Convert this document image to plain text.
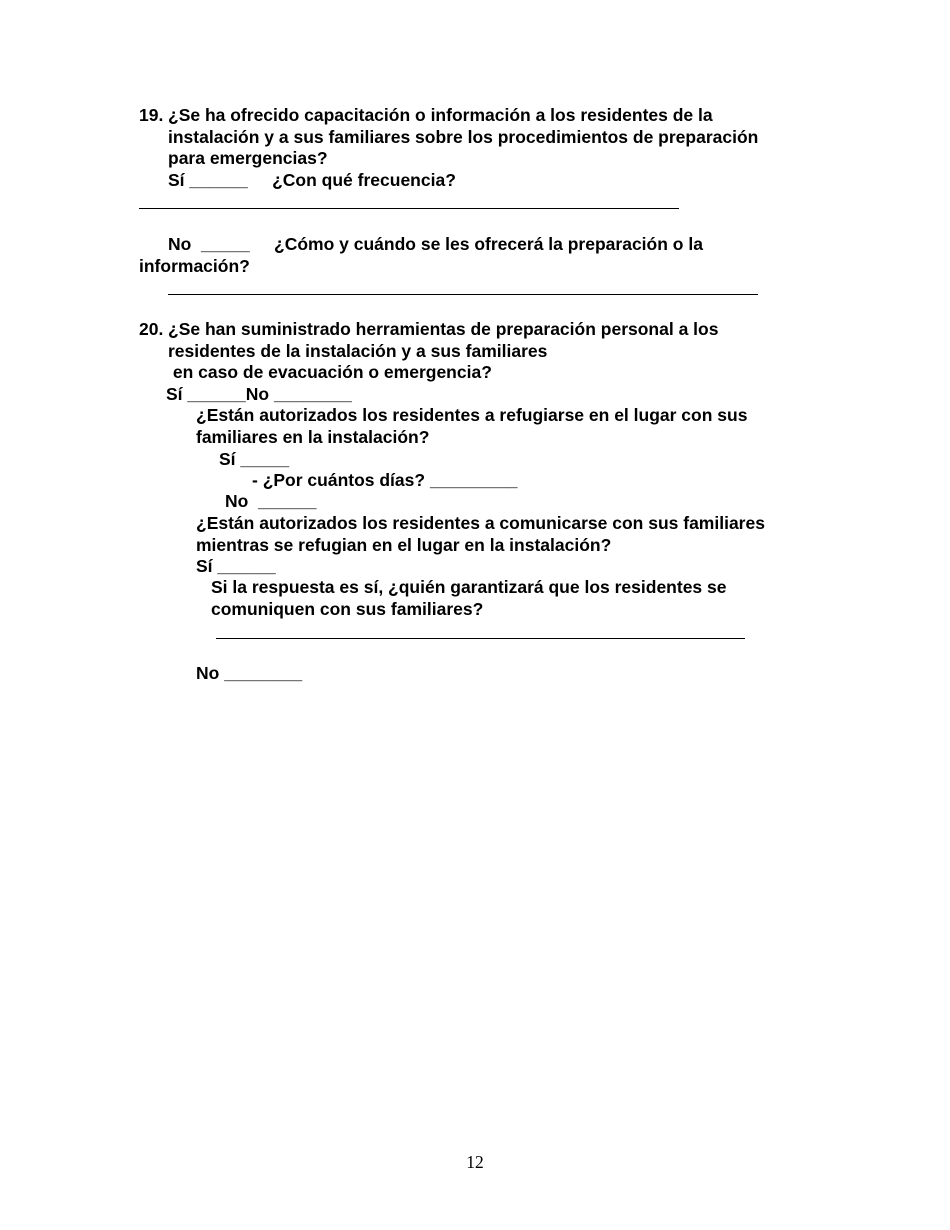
19. ¿Se ha ofrecido capacitación o información a los residentes de la
instalación y a sus familiares sobre los procedimientos de preparación
para emergencias?
Sí ______     ¿Con qué frecuencia?
No  _____     ¿Cómo y cuándo se les ofrecerá la preparación o la
información?
20. ¿Se han suministrado herramientas de preparación personal a los
residentes de la instalación y a sus familiares
en caso de evacuación o emergencia?
Sí ______No ________
¿Están autorizados los residentes a refugiarse en el lugar con sus
familiares en la instalación?
Sí _____
- ¿Por cuántos días? _________
No  ______
¿Están autorizados los residentes a comunicarse con sus familiares
mientras se refugian en el lugar en la instalación?
Sí ______
Si la respuesta es sí, ¿quién garantizará que los residentes se
comuniquen con sus familiares?
No ________
12
